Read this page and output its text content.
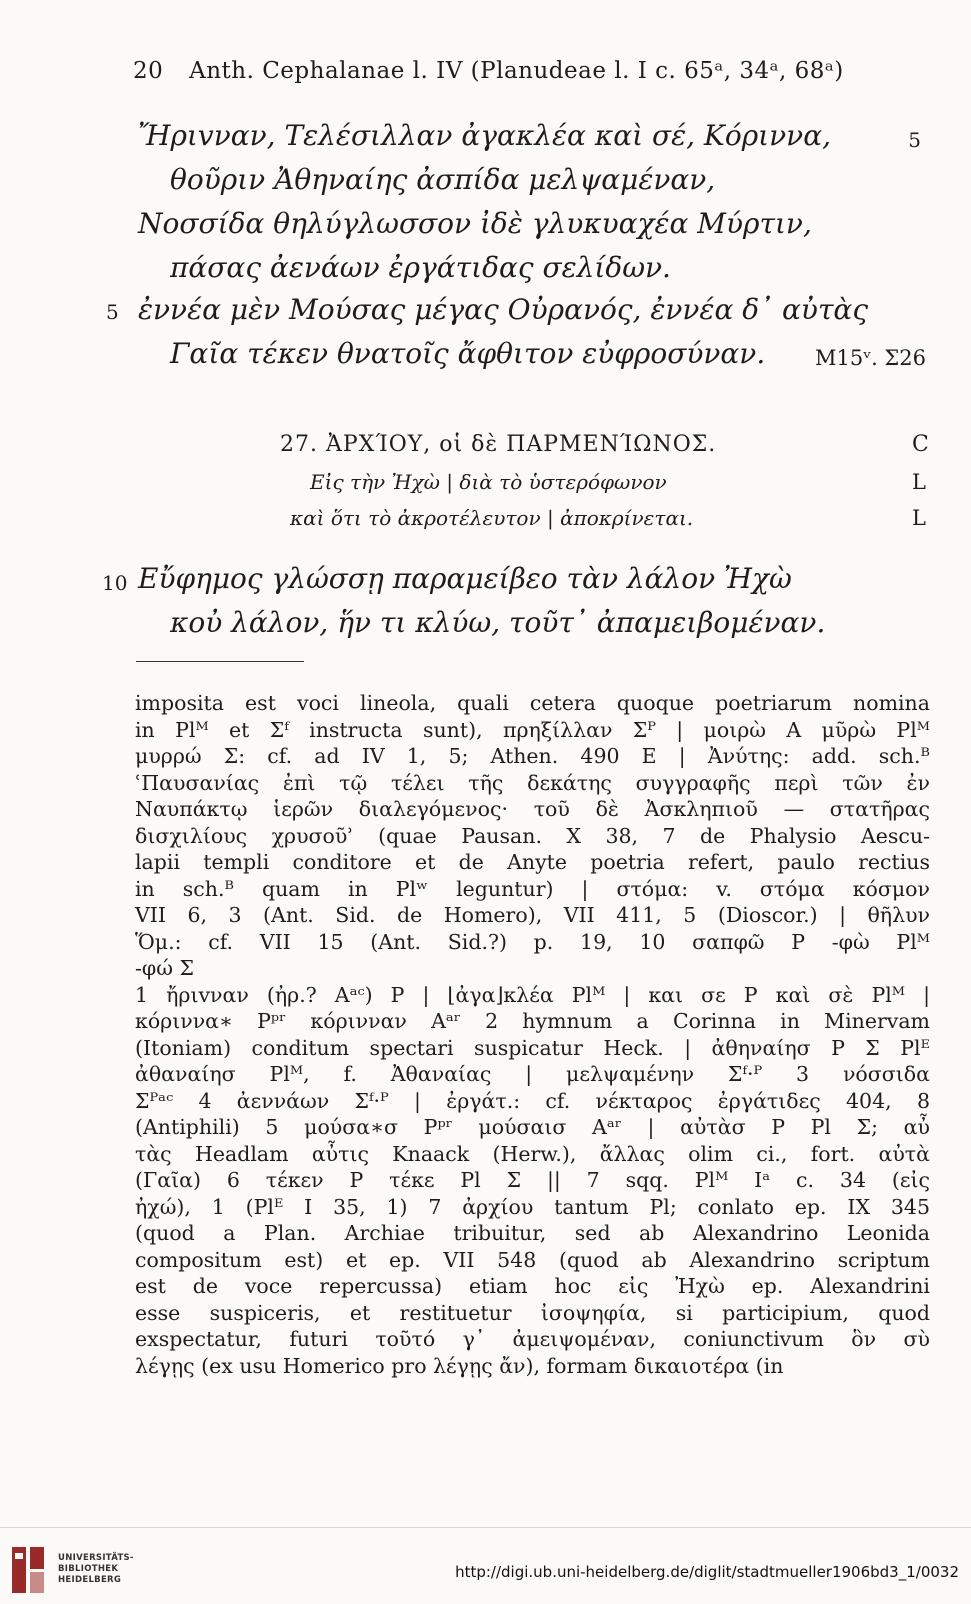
20 Anth. Cephalanae l. IV (Planudeae l. I c. 65ᵃ, 34ᵃ, 68ᵃ)
Ἤριvναν, Τελέσιλλαν ἀγακλέα καὶ σέ, Κόριννα,	5
θοῦριν Ἀθηναίης ἀσπίδα μελψαμέναν,
Νοσσίδα θηλύγλωσσον ἰδὲ γλυκυαχέα Μύρτιν,
πάσας ἀενάων ἐργάτιδας σελίδων.
5 ἐννέα μὲν Μούσας μέγας Οὐρανός, ἐννέα δ᾽ αὐτὰς
Γαῖα τέκεν θνατοῖς ἄφθιτον εὐφροσύναν.	M15ᵛ. Σ26
27. ἈΡΧΊΟΥ, οἱ δὲ ΠΑΡΜΕΝΊΩΝΟΣ.	C
Εἰς τὴν Ἠχὼ | διὰ τὸ ὑστερόφωνον	L
καὶ ὅτι τὸ ἀκροτέλευτον | ἀποκρίνεται.	L
10 Εὔφημος γλώσσῃ παραμείβεο τὰν λάλον Ἠχὼ
κοὐ λάλον, ἥν τι κλύω, τοῦτ᾽ ἀπαμειβομέναν.
imposita est voci lineola, quali cetera quoque poetriarum nomina
in Plᴹ et Σᶠ instructa sunt), πρηξίλλαν Σᴾ | μοιρὼ A μῦρὼ Plᴹ
μυρρώ Σ: cf. ad IV 1, 5; Athen. 490 E | Ἀνύτης: add. sch.ᴮ
ʿΠαυσανίας ἐπὶ τῷ τέλει τῆς δεκάτης συγγραφῆς περὶ τῶν ἐν
Ναυπάκτῳ ἱερῶν διαλεγόμενος· τοῦ δὲ Ἀσκληπιοῦ — στατῆρας
δισχιλίους χρυσοῦʾ (quae Pausan. X 38, 7 de Phalysio Aescu-
lapii templi conditore et de Anyte poetria refert, paulo rectius
in sch.ᴮ quam in Plʷ leguntur) | στόμα: v. στόμα κόσμον
VII 6, 3 (Ant. Sid. de Homero), VII 411, 5 (Dioscor.) | θῆλυν
Ὅμ.: cf. VII 15 (Ant. Sid.?) p. 19, 10 σαπφῶ P -φὼ Plᴹ
-φώ Σ
1 ἤριvναν (ἠρ.? Aᵃᶜ) P | ⌊ἀγα⌋κλέα Plᴹ | και σε P καὶ σὲ Plᴹ |
κόριννα∗ Pᵖʳ κόρινναν Aᵃʳ 2 hymnum a Corinna in Minervam
(Itoniam) conditum spectari suspicatur Heck. | ἀθηναίησ P Σ Plᴱ
ἀθαναίησ Plᴹ, f. Ἀθαναίας | μελψαμένην Σᶠ·ᴾ 3 νόσσιδα
Σᴾᵃᶜ 4 ἀεννάων Σᶠ·ᴾ | ἐργάτ.: cf. νέκταρος ἐργάτιδες 404, 8
(Antiphili) 5 μούσα∗σ Pᵖʳ μούσαισ Aᵃʳ | αὐτὰσ P Pl Σ; αὖ
τὰς Headlam αὖτις Knaack (Herw.), ἄλλας olim ci., fort. αὐτὰ
(Γαῖα) 6 τέκεν P τέκε Pl Σ || 7 sqq. Plᴹ Iᵃ c. 34 (εἰς
ἠχώ), 1 (Plᴱ I 35, 1) 7 ἀρχίου tantum Pl; conlato ep. IX 345
(quod a Plan. Archiae tribuitur, sed ab Alexandrino Leonida
compositum est) et ep. VII 548 (quod ab Alexandrino scriptum
est de voce repercussa) etiam hoc εἰς Ἠχὼ ep. Alexandrini
esse suspiceris, et restituetur ἰσοψηφία, si participium, quod
exspectatur, futuri τοῦτό γ᾽ ἀμειψομέναν, coniunctivum ὃν σὺ
λέγῃς (ex usu Homerico pro λέγῃς ἄν), formam δικαιοτέρα (in
UNIVERSITÄTS-
BIBLIOTHEK
HEIDELBERG	http://digi.ub.uni-heidelberg.de/diglit/stadtmueller1906bd3_1/0032
